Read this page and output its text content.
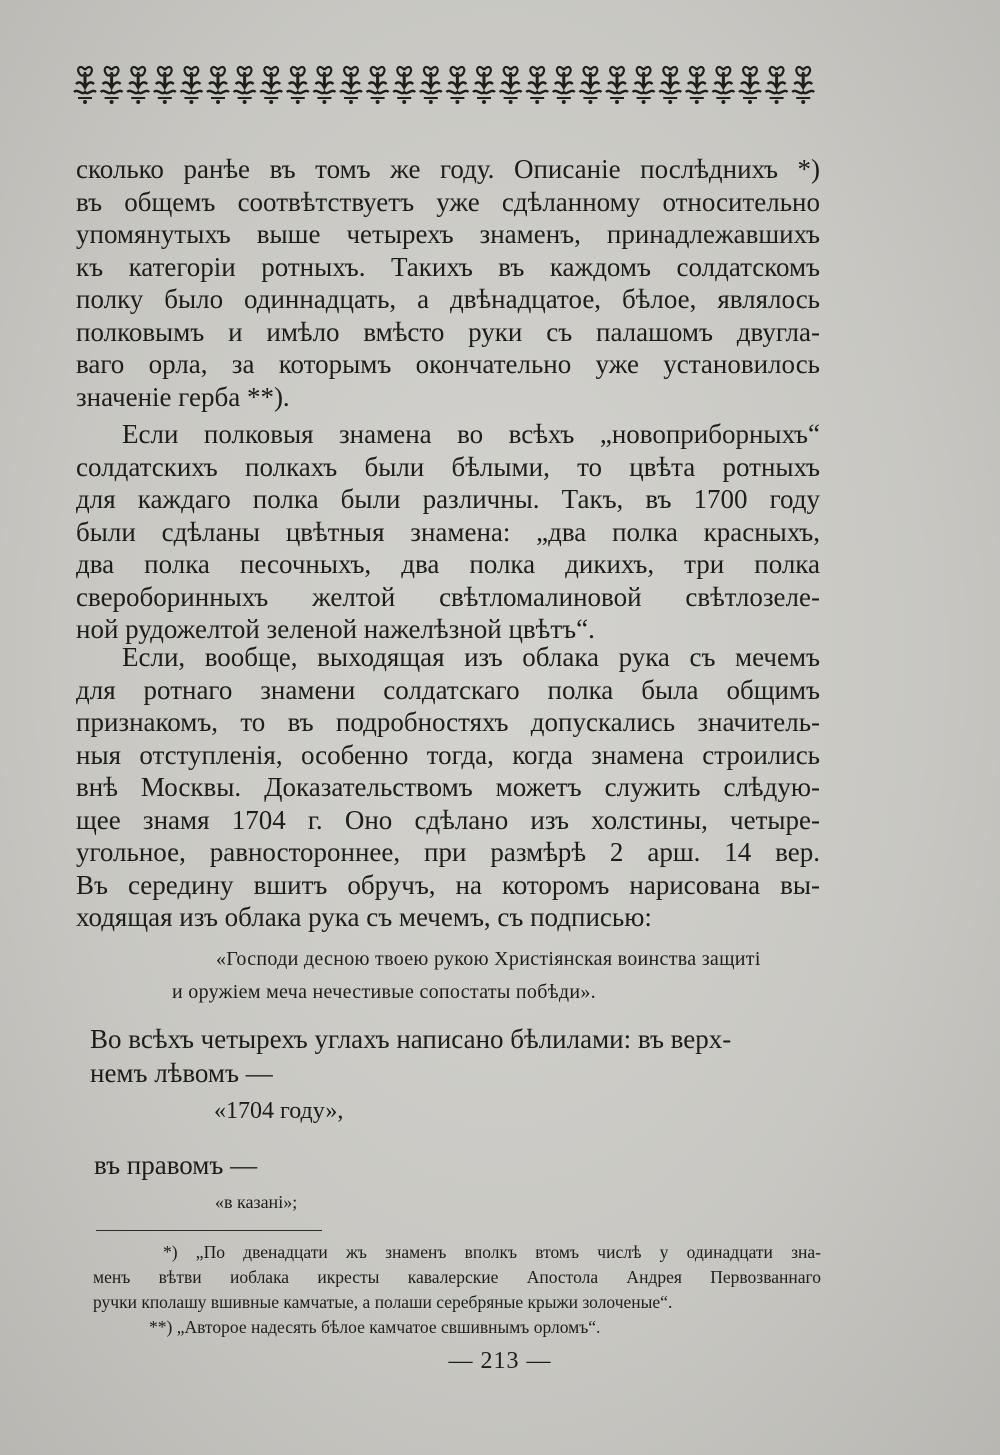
сколько ранѣе въ томъ же году. Описаніе послѣднихъ *)
въ общемъ соотвѣтствуетъ уже сдѣланному относительно
упомянутыхъ выше четырехъ знаменъ, принадлежавшихъ
къ категоріи ротныхъ. Такихъ въ каждомъ солдатскомъ
полку было одиннадцать, а двѣнадцатое, бѣлое, являлось
полковымъ и имѣло вмѣсто руки съ палашомъ двугла-
ваго орла, за которымъ окончательно уже установилось
значеніе герба **).
Если полковыя знамена во всѣхъ „новоприборныхъ“
солдатскихъ полкахъ были бѣлыми, то цвѣта ротныхъ
для каждаго полка были различны. Такъ, въ 1700 году
были сдѣланы цвѣтныя знамена: „два полка красныхъ,
два полка песочныхъ, два полка дикихъ, три полка
свероборинныхъ желтой свѣтломалиновой свѣтлозеле-
ной рудожелтой зеленой нажелѣзной цвѣтъ“.
Если, вообще, выходящая изъ облака рука съ мечемъ
для ротнаго знамени солдатскаго полка была общимъ
признакомъ, то въ подробностяхъ допускались значитель-
ныя отступленія, особенно тогда, когда знамена строились
внѣ Москвы. Доказательствомъ можетъ служить слѣдую-
щее знамя 1704 г. Оно сдѣлано изъ холстины, четыре-
угольное, равностороннее, при размѣрѣ 2 арш. 14 вер.
Въ середину вшитъ обручъ, на которомъ нарисована вы-
ходящая изъ облака рука съ мечемъ, съ подписью:
«Господи десною твоею рукою Христіянская воинства защиті
и оружіем меча нечестивые сопостаты побѣди».
Во всѣхъ четырехъ углахъ написано бѣлилами: въ верх-
немъ лѣвомъ —
«1704 году»,
въ правомъ —
«в казані»;
*) „По двенадцати жъ знаменъ вполкъ втомъ числѣ у одинадцати зна-
менъ вѣтви иоблака икресты кавалерские Апостола Андрея Первозваннаго
ручки кполашу вшивные камчатые, а полаши серебряные крыжи золоченые“.
**) „Авторое надесять бѣлое камчатое свшивнымъ орломъ“.
— 213 —
